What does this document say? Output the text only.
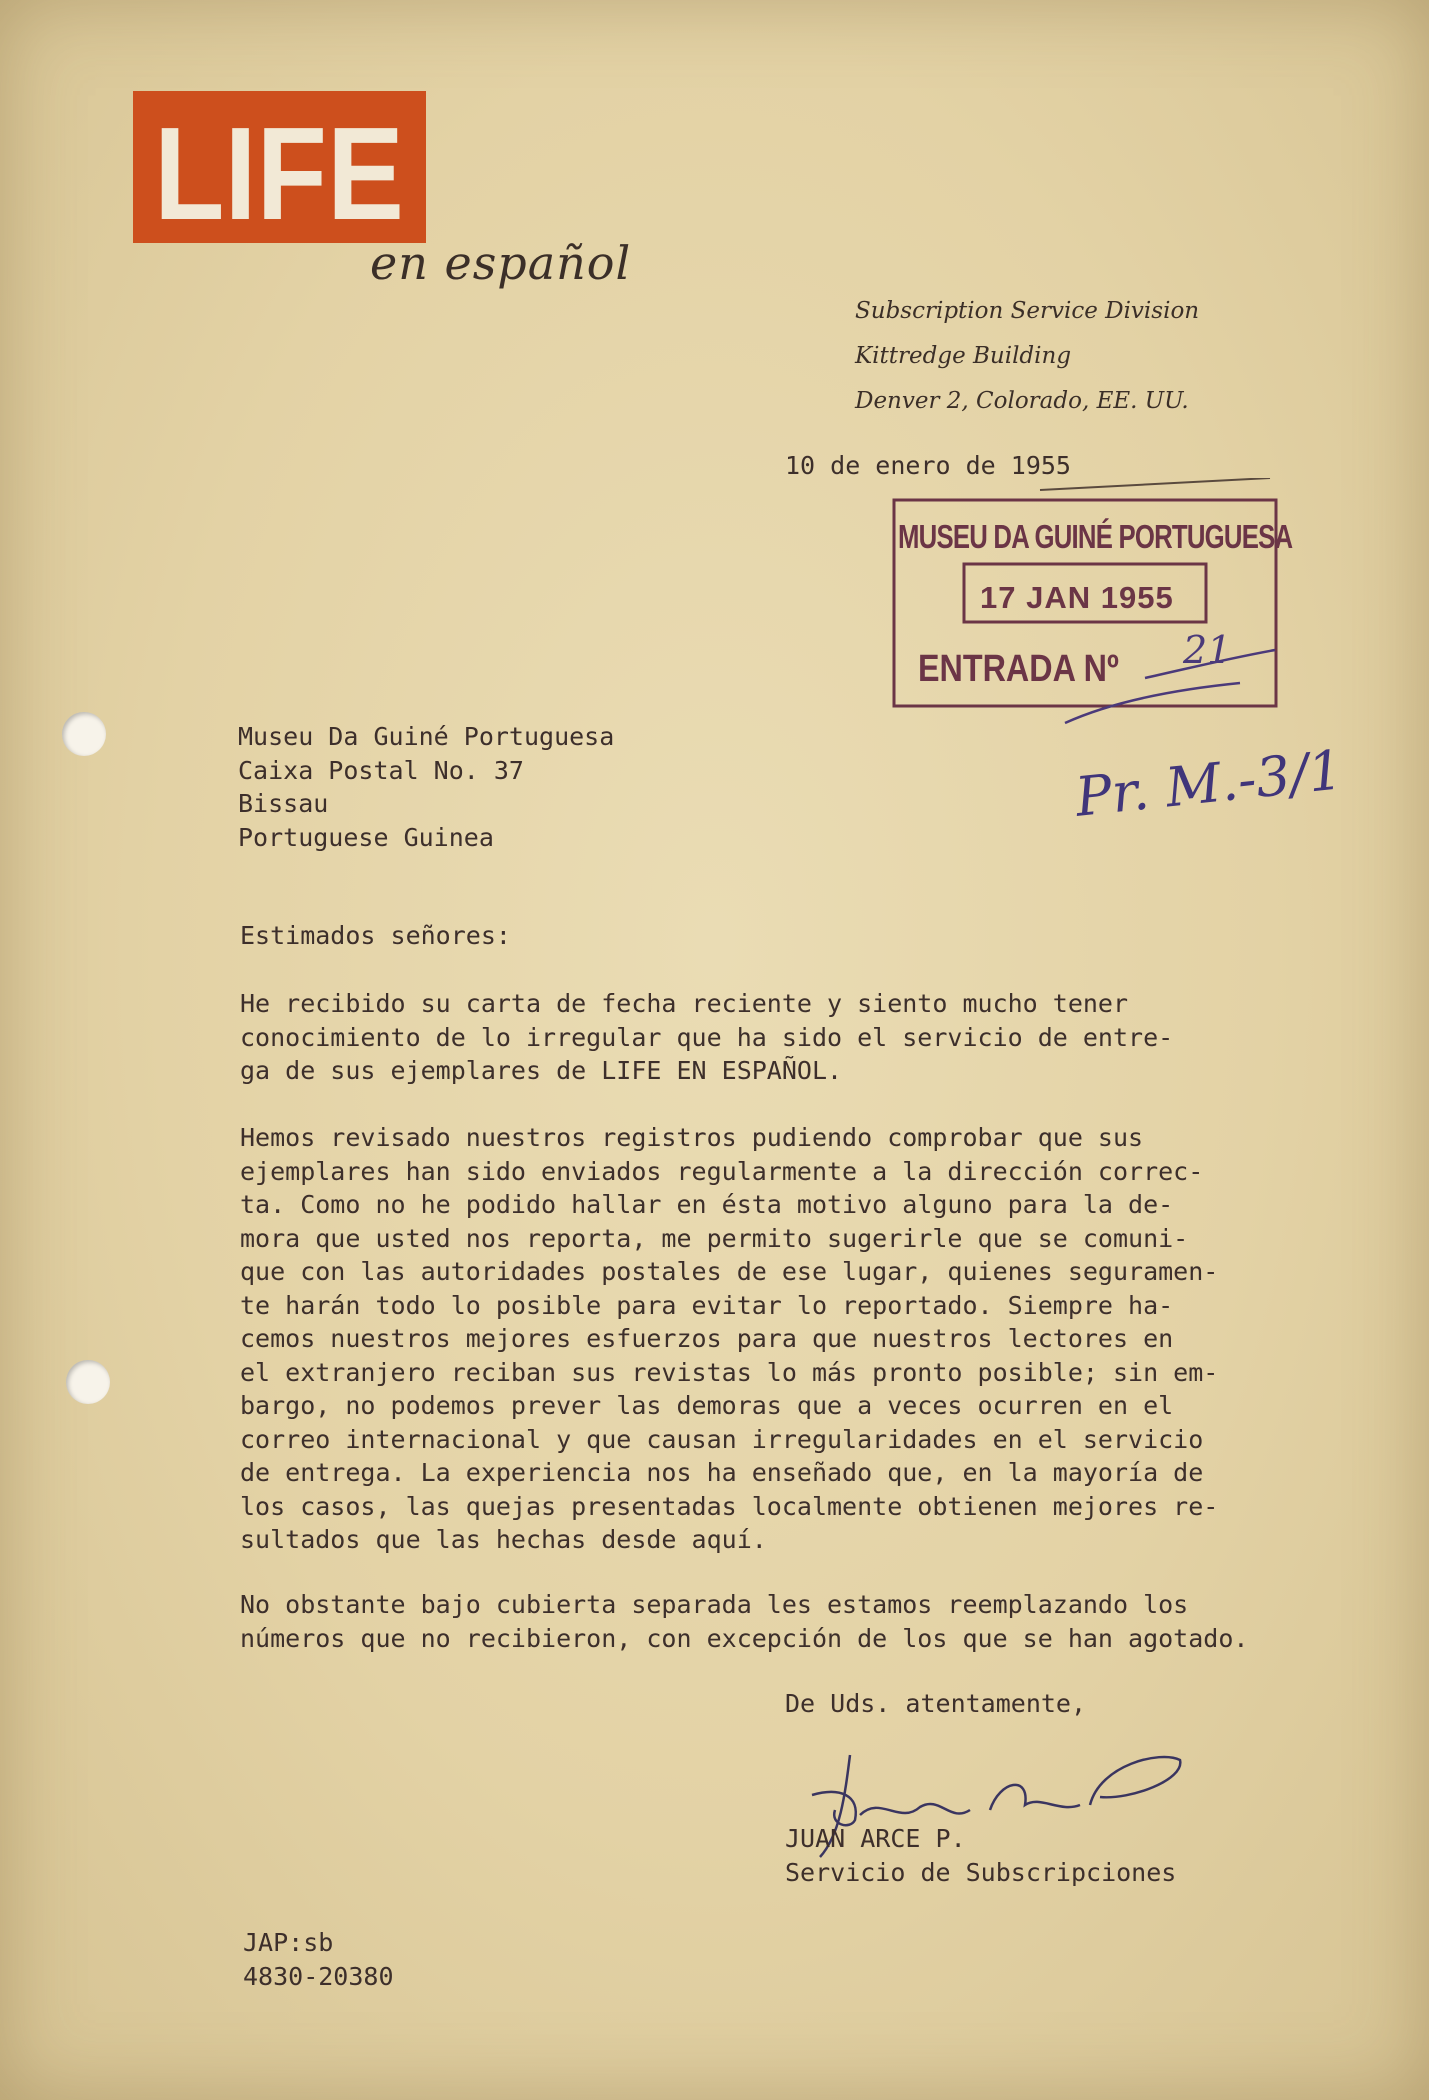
LIFE
en español
Subscription Service Division
Kittredge Building
Denver 2, Colorado, EE. UU.
10 de enero de 1955
MUSEU DA GUINÉ PORTUGUESA
17 JAN 1955
ENTRADA Nº 21
Pr. M.-3/1
Museu Da Guiné Portuguesa
Caixa Postal No. 37
Bissau
Portuguese Guinea
Estimados señores:
He recibido su carta de fecha reciente y siento mucho tener
conocimiento de lo irregular que ha sido el servicio de entre-
ga de sus ejemplares de LIFE EN ESPAÑOL.
Hemos revisado nuestros registros pudiendo comprobar que sus
ejemplares han sido enviados regularmente a la dirección correc-
ta. Como no he podido hallar en ésta motivo alguno para la de-
mora que usted nos reporta, me permito sugerirle que se comuni-
que con las autoridades postales de ese lugar, quienes seguramen-
te harán todo lo posible para evitar lo reportado. Siempre ha-
cemos nuestros mejores esfuerzos para que nuestros lectores en
el extranjero reciban sus revistas lo más pronto posible; sin em-
bargo, no podemos prever las demoras que a veces ocurren en el
correo internacional y que causan irregularidades en el servicio
de entrega. La experiencia nos ha enseñado que, en la mayoría de
los casos, las quejas presentadas localmente obtienen mejores re-
sultados que las hechas desde aquí.
No obstante bajo cubierta separada les estamos reemplazando los
números que no recibieron, con excepción de los que se han agotado.
De Uds. atentamente,
JUAN ARCE P.
Servicio de Subscripciones
JAP:sb
4830-20380
